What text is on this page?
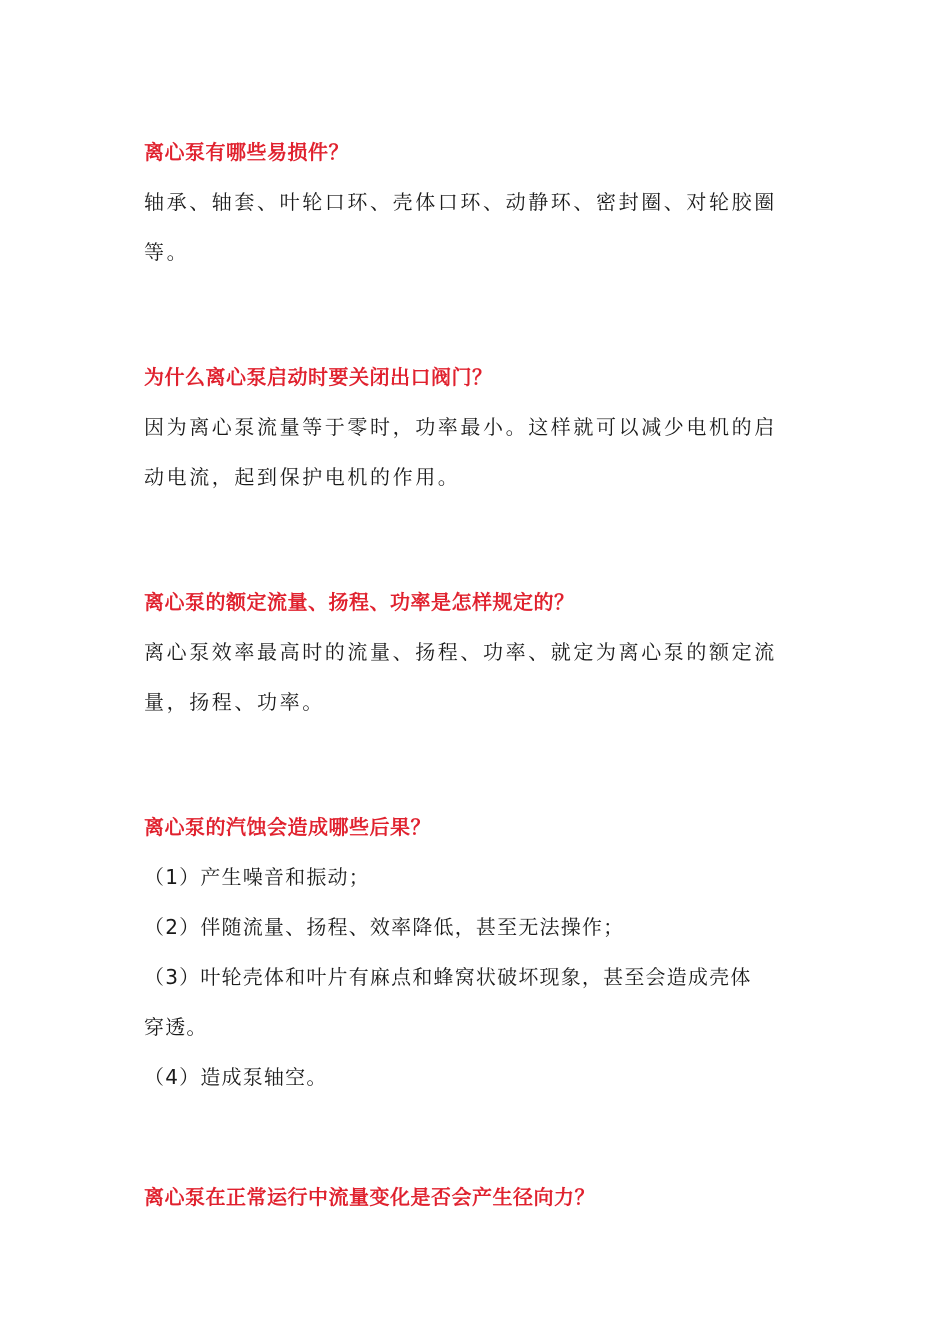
离心泵有哪些易损件？

轴承、轴套、叶轮口环、壳体口环、动静环、密封圈、对轮胶圈

等。

为什么离心泵启动时要关闭出口阀门？

因为离心泵流量等于零时，功率最小。这样就可以减少电机的启

动电流，起到保护电机的作用。

离心泵的额定流量、扬程、功率是怎样规定的？

离心泵效率最高时的流量、扬程、功率、就定为离心泵的额定流

量，扬程、功率。

离心泵的汽蚀会造成哪些后果？

（1）产生噪音和振动；

（2）伴随流量、扬程、效率降低，甚至无法操作；

（3）叶轮壳体和叶片有麻点和蜂窝状破坏现象，甚至会造成壳体

穿透。

（4）造成泵轴空。

离心泵在正常运行中流量变化是否会产生径向力？
